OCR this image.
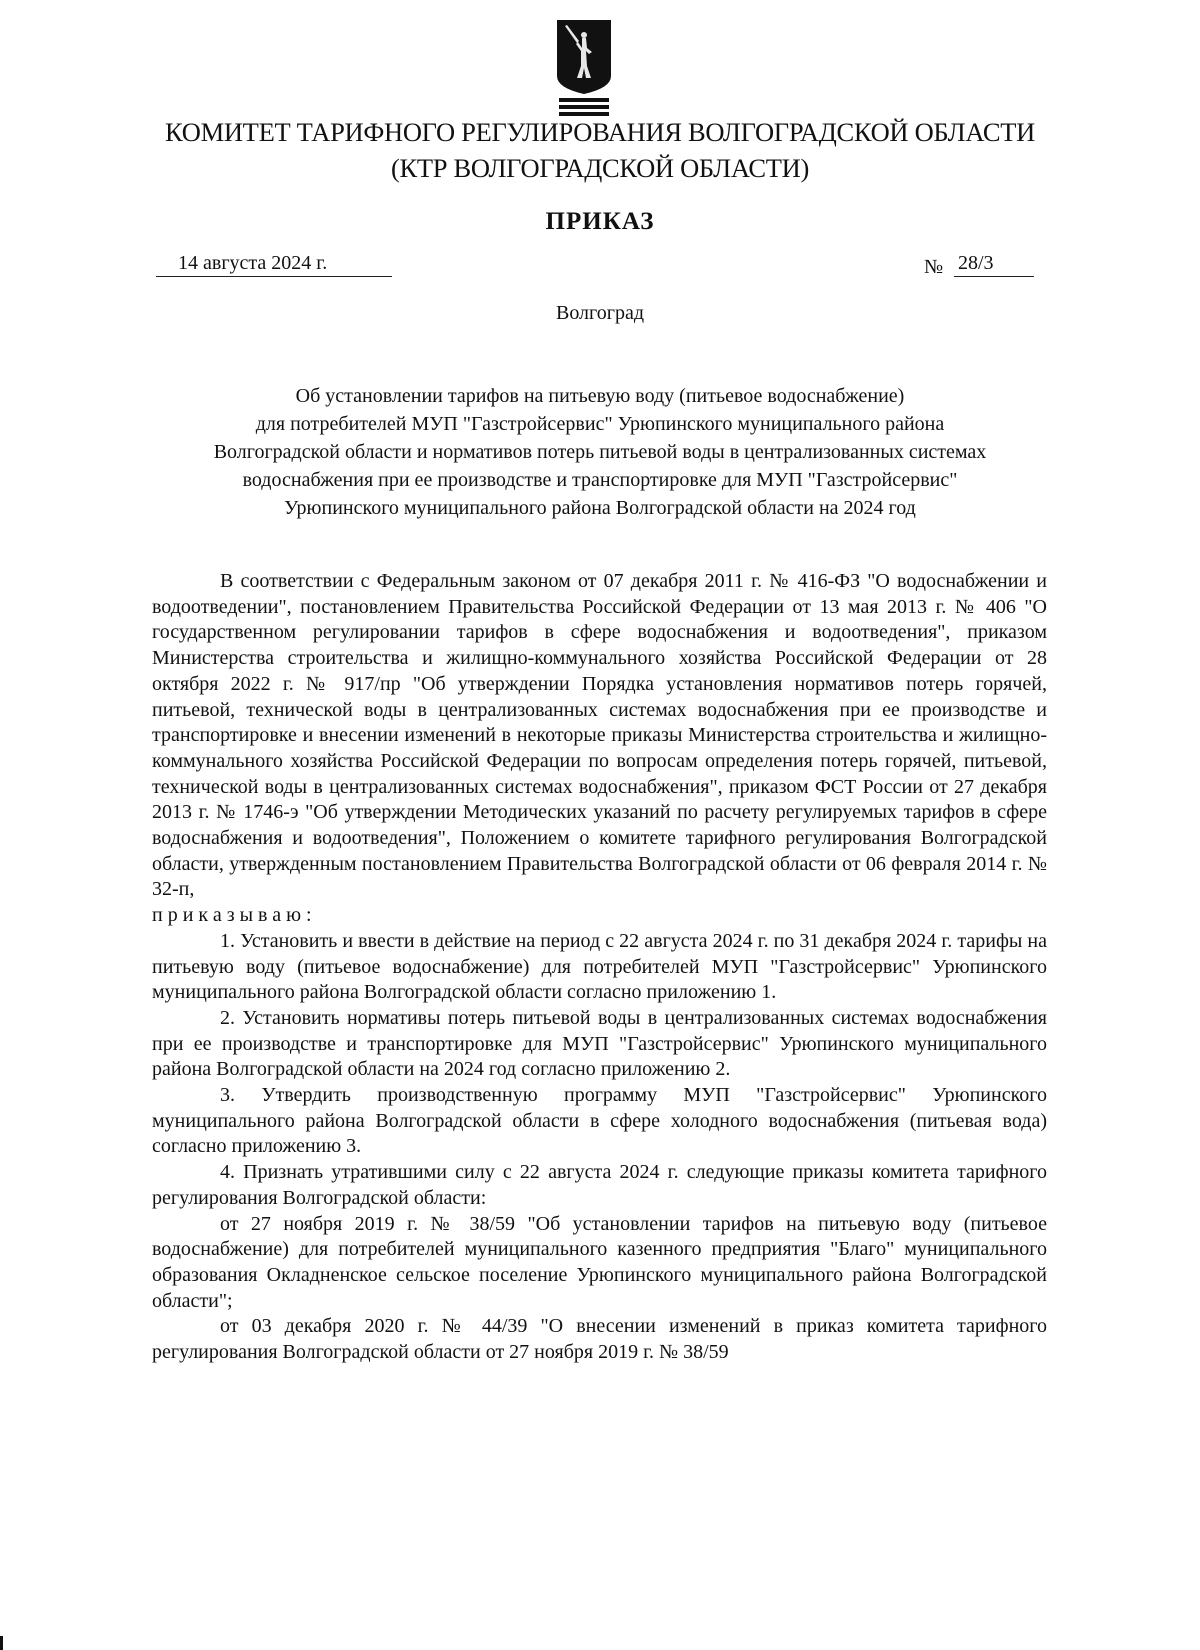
КОМИТЕТ ТАРИФНОГО РЕГУЛИРОВАНИЯ ВОЛГОГРАДСКОЙ ОБЛАСТИ
(КТР ВОЛГОГРАДСКОЙ ОБЛАСТИ)
ПРИКАЗ
14 августа 2024 г.	№ 28/3
Волгоград
Об установлении тарифов на питьевую воду (питьевое водоснабжение)
для потребителей МУП "Газстройсервис" Урюпинского муниципального района
Волгоградской области и нормативов потерь питьевой воды в централизованных системах
водоснабжения при ее производстве и транспортировке для МУП "Газстройсервис"
Урюпинского муниципального района Волгоградской области на 2024 год

В соответствии с Федеральным законом от 07 декабря 2011 г. № 416-ФЗ "О водоснабжении и водоотведении", постановлением Правительства Российской Федерации от 13 мая 2013 г. № 406 "О государственном регулировании тарифов в сфере водоснабжения и водоотведения", приказом Министерства строительства и жилищно-коммунального хозяйства Российской Федерации от 28 октября 2022 г. № 917/пр "Об утверждении Порядка установления нормативов потерь горячей, питьевой, технической воды в централизованных системах водоснабжения при ее производстве и транспортировке и внесении изменений в некоторые приказы Министерства строительства и жилищно-коммунального хозяйства Российской Федерации по вопросам определения потерь горячей, питьевой, технической воды в централизованных системах водоснабжения", приказом ФСТ России от 27 декабря 2013 г. № 1746-э "Об утверждении Методических указаний по расчету регулируемых тарифов в сфере водоснабжения и водоотведения", Положением о комитете тарифного регулирования Волгоградской области, утвержденным постановлением Правительства Волгоградской области от 06 февраля 2014 г. № 32-п,

приказываю:

1. Установить и ввести в действие на период с 22 августа 2024 г. по 31 декабря 2024 г. тарифы на питьевую воду (питьевое водоснабжение) для потребителей МУП "Газстройсервис" Урюпинского муниципального района Волгоградской области согласно приложению 1.

2. Установить нормативы потерь питьевой воды в централизованных системах водоснабжения при ее производстве и транспортировке для МУП "Газстройсервис" Урюпинского муниципального района Волгоградской области на 2024 год согласно приложению 2.

3. Утвердить производственную программу МУП "Газстройсервис" Урюпинского муниципального района Волгоградской области в сфере холодного водоснабжения (питьевая вода) согласно приложению 3.

4. Признать утратившими силу с 22 августа 2024 г. следующие приказы комитета тарифного регулирования Волгоградской области:

от 27 ноября 2019 г. № 38/59 "Об установлении тарифов на питьевую воду (питьевое водоснабжение) для потребителей муниципального казенного предприятия "Благо" муниципального образования Окладненское сельское поселение Урюпинского муниципального района Волгоградской области";

от 03 декабря 2020 г. № 44/39 "О внесении изменений в приказ комитета тарифного регулирования Волгоградской области от 27 ноября 2019 г. № 38/59
